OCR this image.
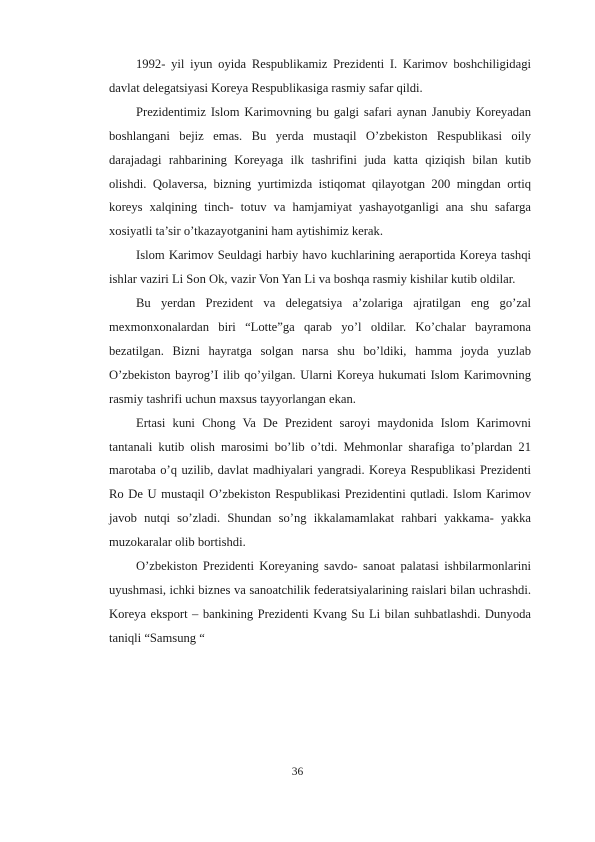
1992- yil iyun oyida Respublikamiz Prezidenti I. Karimov boshchiligidagi davlat delegatsiyasi Koreya Respublikasiga rasmiy safar qildi.

Prezidentimiz Islom Karimovning bu galgi safari aynan Janubiy Koreyadan boshlangani bejiz emas. Bu yerda mustaqil O’zbekiston Respublikasi oily darajadagi rahbarining Koreyaga ilk tashrifini juda katta qiziqish bilan kutib olishdi. Qolaversa, bizning yurtimizda istiqomat qilayotgan 200 mingdan ortiq koreys xalqining tinch- totuv va hamjamiyat yashayotganligi ana shu safarga xosiyatli ta’sir o’tkazayotganini ham aytishimiz kerak.

Islom Karimov Seuldagi harbiy havo kuchlarining aeraportida Koreya tashqi ishlar vaziri Li Son Ok, vazir Von Yan Li va boshqa rasmiy kishilar kutib oldilar.

Bu yerdan Prezident va delegatsiya a’zolariga ajratilgan eng go’zal mexmonxonalardan biri “Lotte”ga qarab yo’l oldilar. Ko’chalar bayramona bezatilgan. Bizni hayratga solgan narsa shu bo’ldiki, hamma joyda yuzlab O’zbekiston bayrog’I ilib qo’yilgan. Ularni Koreya hukumati Islom Karimovning rasmiy tashrifi uchun maxsus tayyorlangan ekan.

Ertasi kuni Chong Va De Prezident saroyi maydonida Islom Karimovni tantanali kutib olish marosimi bo’lib o’tdi. Mehmonlar sharafiga to’plardan 21 marotaba o’q uzilib, davlat madhiyalari yangradi. Koreya Respublikasi Prezidenti Ro De U mustaqil O’zbekiston Respublikasi Prezidentini qutladi. Islom Karimov javob nutqi so’zladi. Shundan so’ng ikkalamamlakat rahbari yakkama- yakka muzokaralar olib bortishdi.

O’zbekiston Prezidenti Koreyaning savdo- sanoat palatasi ishbilarmonlarini uyushmasi, ichki biznes va sanoatchilik federatsiyalarining raislari bilan uchrashdi. Koreya eksport – bankining Prezidenti Kvang Su Li bilan suhbatlashdi. Dunyoda taniqli “Samsung “

36
